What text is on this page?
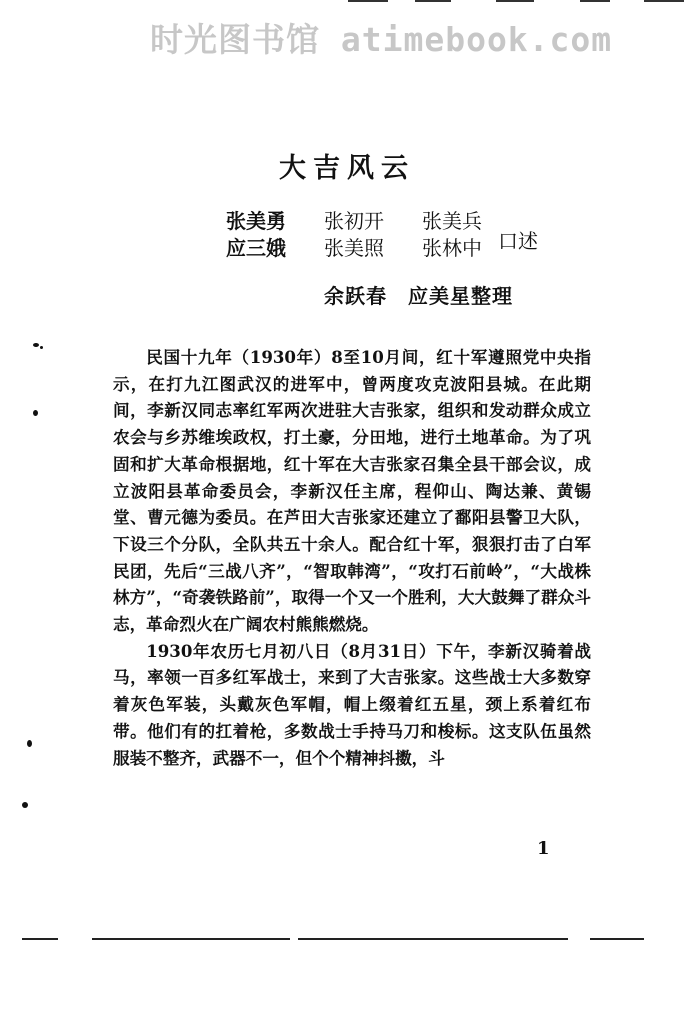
时光图书馆 atimebook.com
大吉风云
张美勇	张初开	张美兵
应三娥	张美照	张林中 口述
余跃春　应美星整理

民国十九年（1930年）8至10月间，红十军遵照党中央指示，在打九江图武汉的进军中，曾两度攻克波阳县城。在此期间，李新汉同志率红军两次进驻大吉张家，组织和发动群众成立农会与乡苏维埃政权，打土豪，分田地，进行土地革命。为了巩固和扩大革命根据地，红十军在大吉张家召集全县干部会议，成立波阳县革命委员会，李新汉任主席，程仰山、陶达兼、黄锡堂、曹元德为委员。在芦田大吉张家还建立了鄱阳县警卫大队，下设三个分队，全队共五十余人。配合红十军，狠狠打击了白军民团，先后“三战八齐”，“智取韩湾”，“攻打石前岭”，“大战株林方”，“奇袭铁路前”，取得一个又一个胜利，大大鼓舞了群众斗志，革命烈火在广阔农村熊熊燃烧。

1930年农历七月初八日（8月31日）下午，李新汉骑着战马，率领一百多红军战士，来到了大吉张家。这些战士大多数穿着灰色军装，头戴灰色军帽，帽上缀着红五星，颈上系着红布带。他们有的扛着枪，多数战士手持马刀和梭标。这支队伍虽然服装不整齐，武器不一，但个个精神抖擞，斗

1
